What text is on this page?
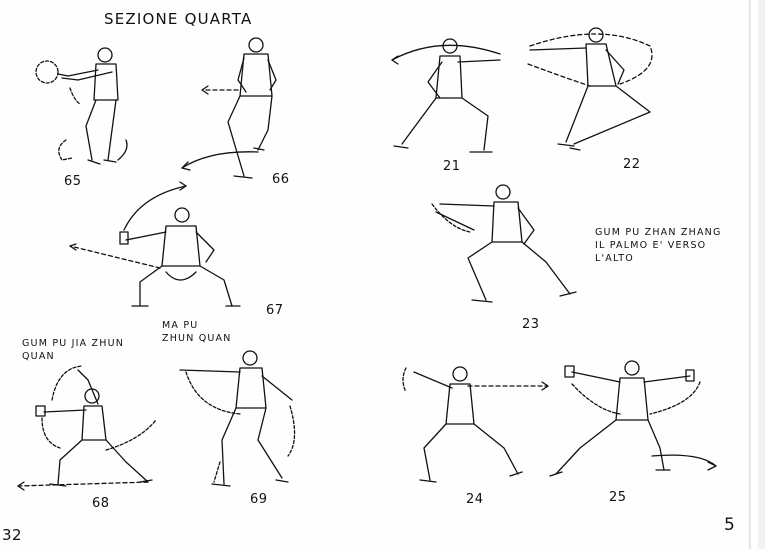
SEZIONE QUARTA
65	66
67
68	69
21	22
23
24	25
MA PU
ZHUN QUAN
GUM PU JIA ZHUN
QUAN
GUM PU ZHAN ZHANG
IL PALMO E' VERSO
L'ALTO
32	5
